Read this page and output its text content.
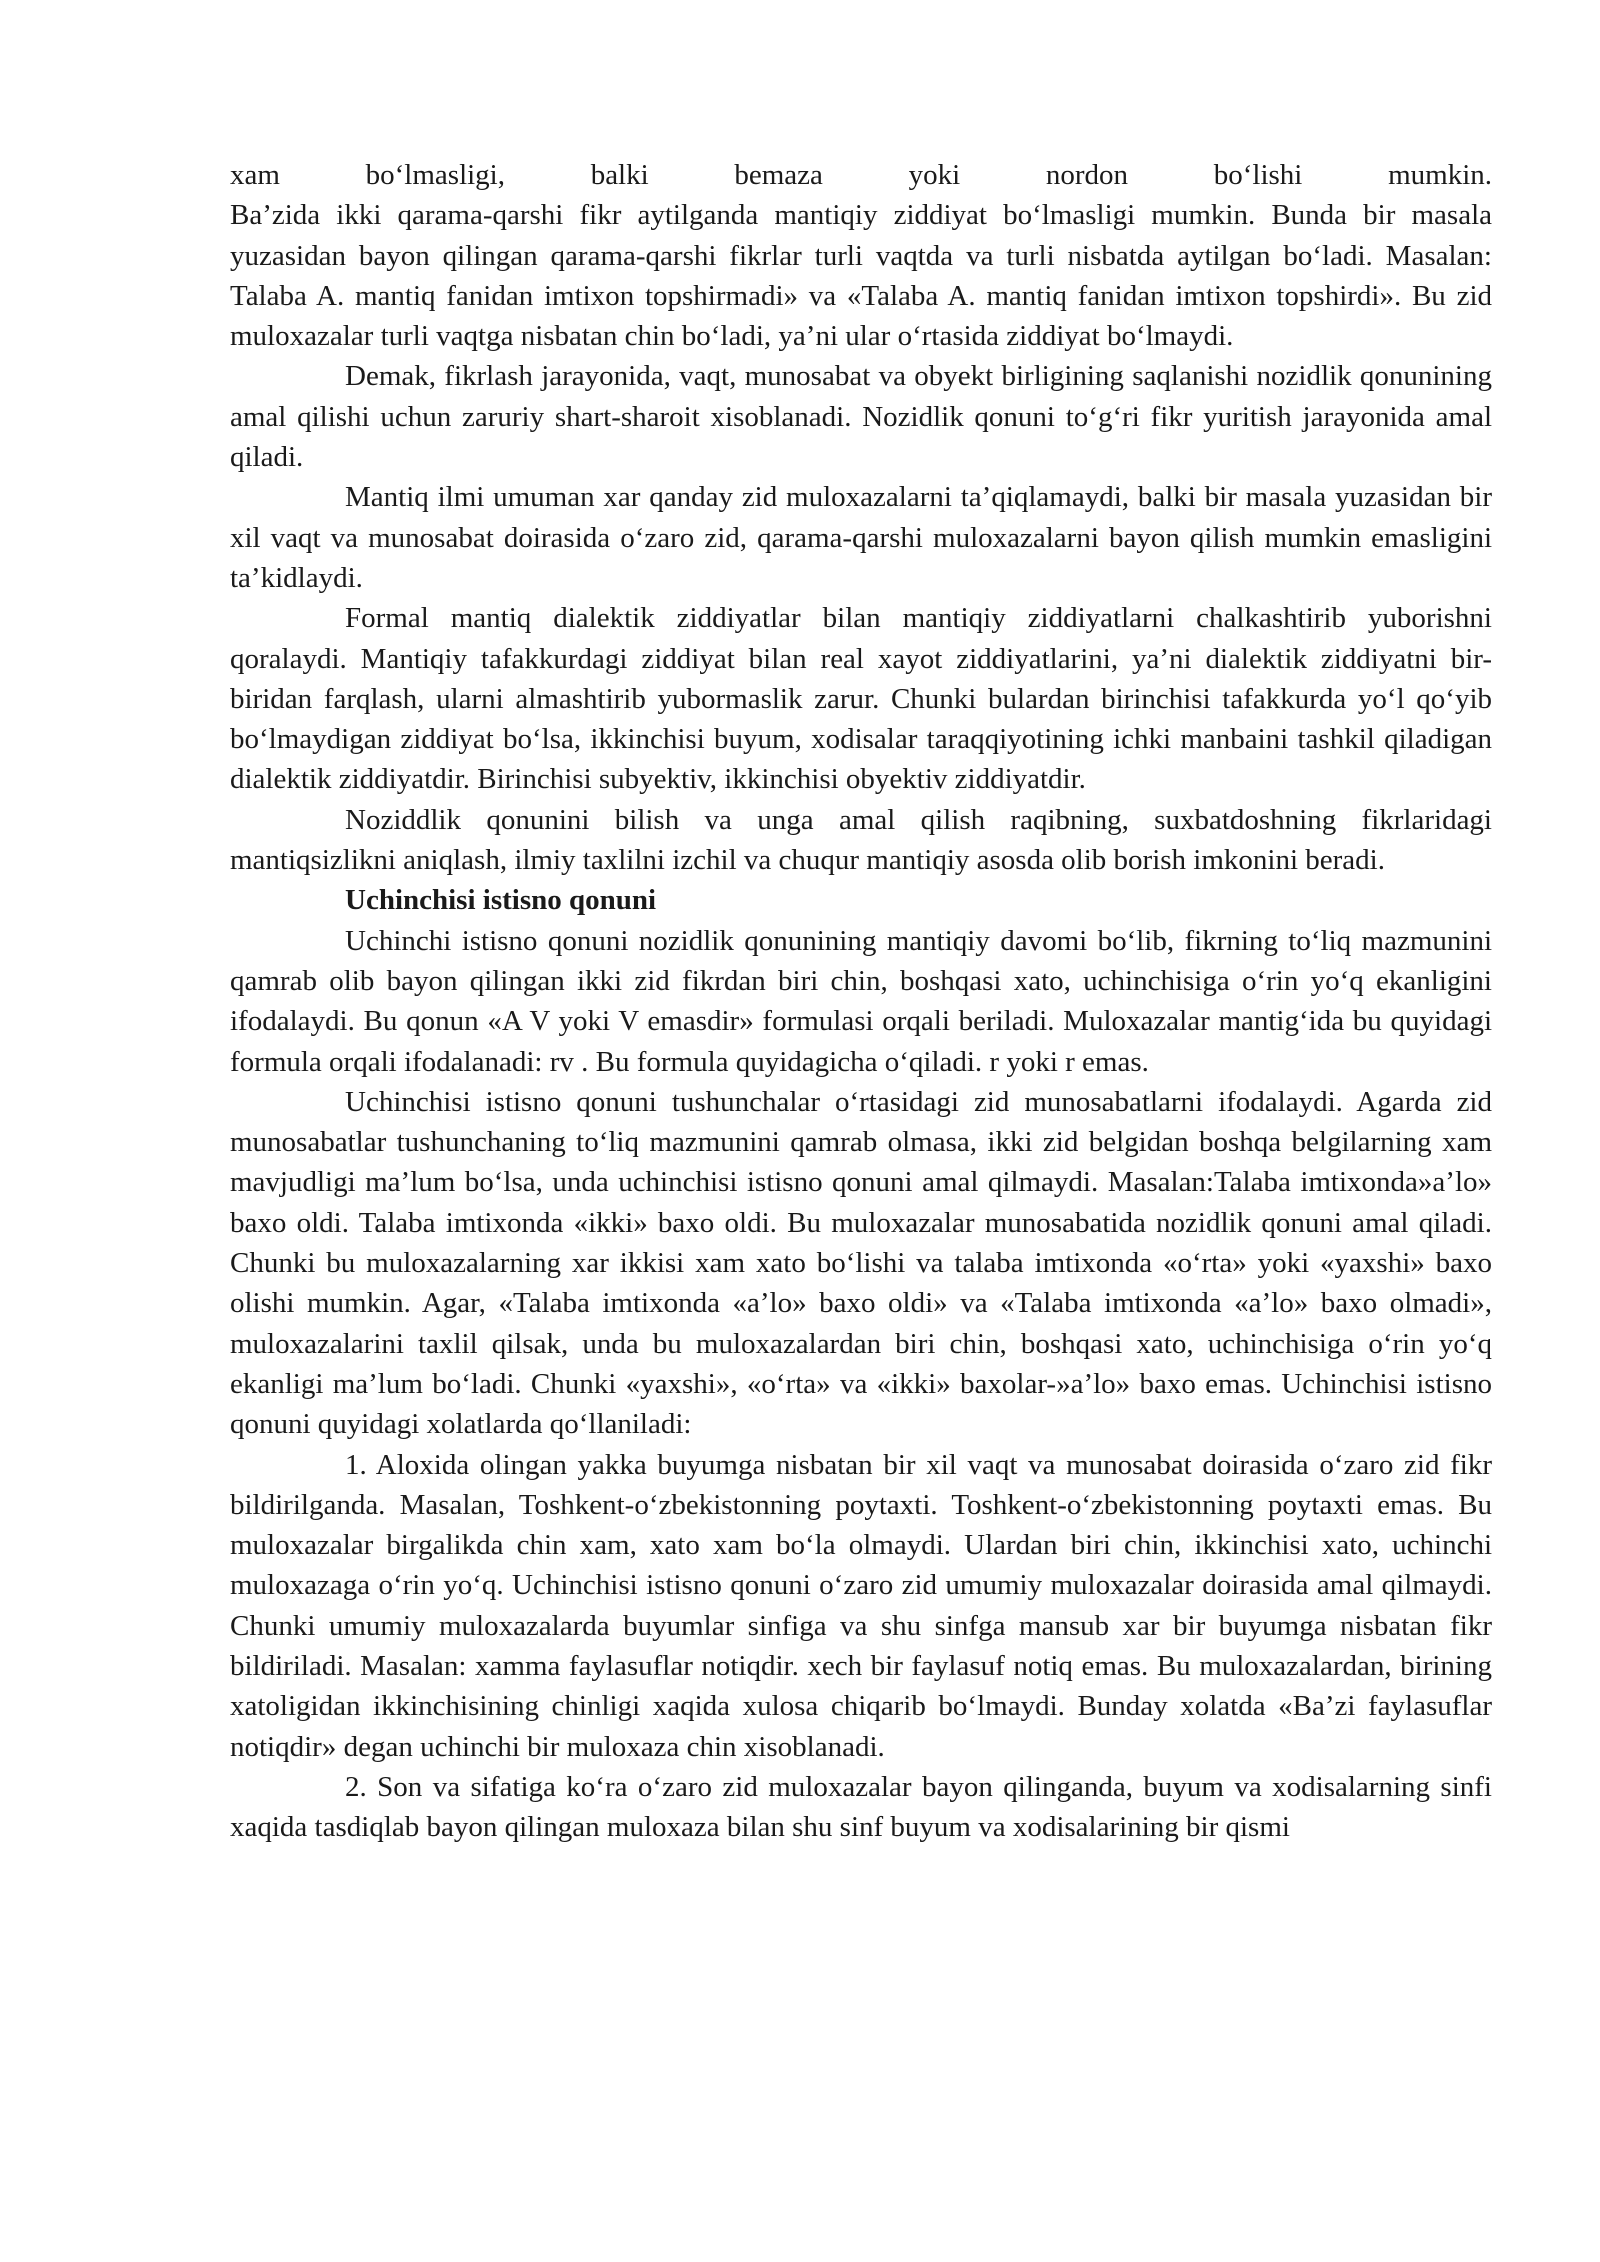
xam bo‘lmasligi, balki bemaza yoki nordon bo‘lishi mumkin.

Ba’zida ikki qarama-qarshi fikr aytilganda mantiqiy ziddiyat bo‘lmasligi mumkin. Bunda bir masala yuzasidan bayon qilingan qarama-qarshi fikrlar turli vaqtda va turli nisbatda aytilgan bo‘ladi. Masalan: Talaba A. mantiq fanidan imtixon topshirmadi» va «Talaba A. mantiq fanidan imtixon topshirdi». Bu zid muloxazalar turli vaqtga nisbatan chin bo‘ladi, ya’ni ular o‘rtasida ziddiyat bo‘lmaydi.

Demak, fikrlash jarayonida, vaqt, munosabat va obyekt birligining saqlanishi nozidlik qonunining amal qilishi uchun zaruriy shart-sharoit xisoblanadi. Nozidlik qonuni to‘g‘ri fikr yuritish jarayonida amal qiladi.

Mantiq ilmi umuman xar qanday zid muloxazalarni ta’qiqlamaydi, balki bir masala yuzasidan bir xil vaqt va munosabat doirasida o‘zaro zid, qarama-qarshi muloxazalarni bayon qilish mumkin emasligini ta’kidlaydi.

Formal mantiq dialektik ziddiyatlar bilan mantiqiy ziddiyatlarni chalkashtirib yuborishni qoralaydi. Mantiqiy tafakkurdagi ziddiyat bilan real xayot ziddiyatlarini, ya’ni dialektik ziddiyatni bir-biridan farqlash, ularni almashtirib yubormaslik zarur. Chunki bulardan birinchisi tafakkurda yo‘l qo‘yib bo‘lmaydigan ziddiyat bo‘lsa, ikkinchisi buyum, xodisalar taraqqiyotining ichki manbaini tashkil qiladigan dialektik ziddiyatdir. Birinchisi subyektiv, ikkinchisi obyektiv ziddiyatdir.

Noziddlik qonunini bilish va unga amal qilish raqibning, suxbatdoshning fikrlaridagi mantiqsizlikni aniqlash, ilmiy taxlilni izchil va chuqur mantiqiy asosda olib borish imkonini beradi.

Uchinchisi istisno qonuni

Uchinchi istisno qonuni nozidlik qonunining mantiqiy davomi bo‘lib, fikrning to‘liq mazmunini qamrab olib bayon qilingan ikki zid fikrdan biri chin, boshqasi xato, uchinchisiga o‘rin yo‘q ekanligini ifodalaydi. Bu qonun «A V yoki V emasdir» formulasi orqali beriladi. Muloxazalar mantig‘ida bu quyidagi formula orqali ifodalanadi: rv . Bu formula quyidagicha o‘qiladi. r yoki r emas.

Uchinchisi istisno qonuni tushunchalar o‘rtasidagi zid munosabatlarni ifodalaydi. Agarda zid munosabatlar tushunchaning to‘liq mazmunini qamrab olmasa, ikki zid belgidan boshqa belgilarning xam mavjudligi ma’lum bo‘lsa, unda uchinchisi istisno qonuni amal qilmaydi. Masalan:Talaba imtixonda»a’lo» baxo oldi. Talaba imtixonda «ikki» baxo oldi. Bu muloxazalar munosabatida nozidlik qonuni amal qiladi. Chunki bu muloxazalarning xar ikkisi xam xato bo‘lishi va talaba imtixonda «o‘rta» yoki «yaxshi» baxo olishi mumkin. Agar, «Talaba imtixonda «a’lo» baxo oldi» va «Talaba imtixonda «a’lo» baxo olmadi», muloxazalarini taxlil qilsak, unda bu muloxazalardan biri chin, boshqasi xato, uchinchisiga o‘rin yo‘q ekanligi ma’lum bo‘ladi. Chunki «yaxshi», «o‘rta» va «ikki» baxolar-»a’lo» baxo emas. Uchinchisi istisno qonuni quyidagi xolatlarda qo‘llaniladi:

1. Aloxida olingan yakka buyumga nisbatan bir xil vaqt va munosabat doirasida o‘zaro zid fikr bildirilganda. Masalan, Toshkent-o‘zbekistonning poytaxti. Toshkent-o‘zbekistonning poytaxti emas. Bu muloxazalar birgalikda chin xam, xato xam bo‘la olmaydi. Ulardan biri chin, ikkinchisi xato, uchinchi muloxazaga o‘rin yo‘q. Uchinchisi istisno qonuni o‘zaro zid umumiy muloxazalar doirasida amal qilmaydi. Chunki umumiy muloxazalarda buyumlar sinfiga va shu sinfga mansub xar bir buyumga nisbatan fikr bildiriladi. Masalan: xamma faylasuflar notiqdir. xech bir faylasuf notiq emas. Bu muloxazalardan, birining xatoligidan ikkinchisining chinligi xaqida xulosa chiqarib bo‘lmaydi. Bunday xolatda «Ba’zi faylasuflar notiqdir» degan uchinchi bir muloxaza chin xisoblanadi.

2. Son va sifatiga ko‘ra o‘zaro zid muloxazalar bayon qilinganda, buyum va xodisalarning sinfi xaqida tasdiqlab bayon qilingan muloxaza bilan shu sinf buyum va xodisalarining bir qismi
